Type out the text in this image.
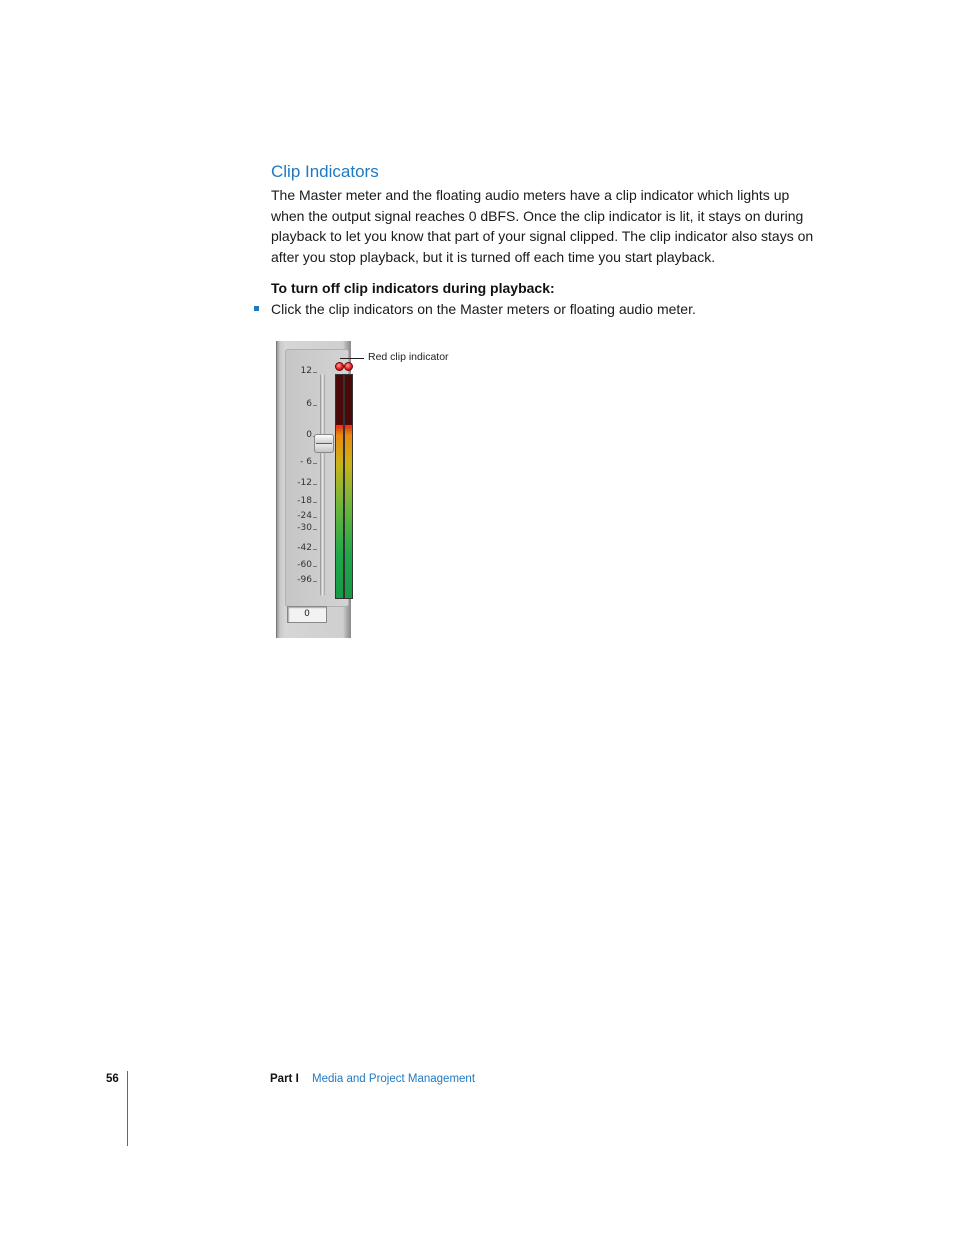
Clip Indicators

The Master meter and the floating audio meters have a clip indicator which lights up when the output signal reaches 0 dBFS. Once the clip indicator is lit, it stays on during playback to let you know that part of your signal clipped. The clip indicator also stays on after you stop playback, but it is turned off each time you start playback.

To turn off clip indicators during playback:

Click the clip indicators on the Master meters or floating audio meter.

12
6
0
- 6
-12
-18
-24
-30
-42
-60
-96
0

Red clip indicator

56	Part I Media and Project Management
